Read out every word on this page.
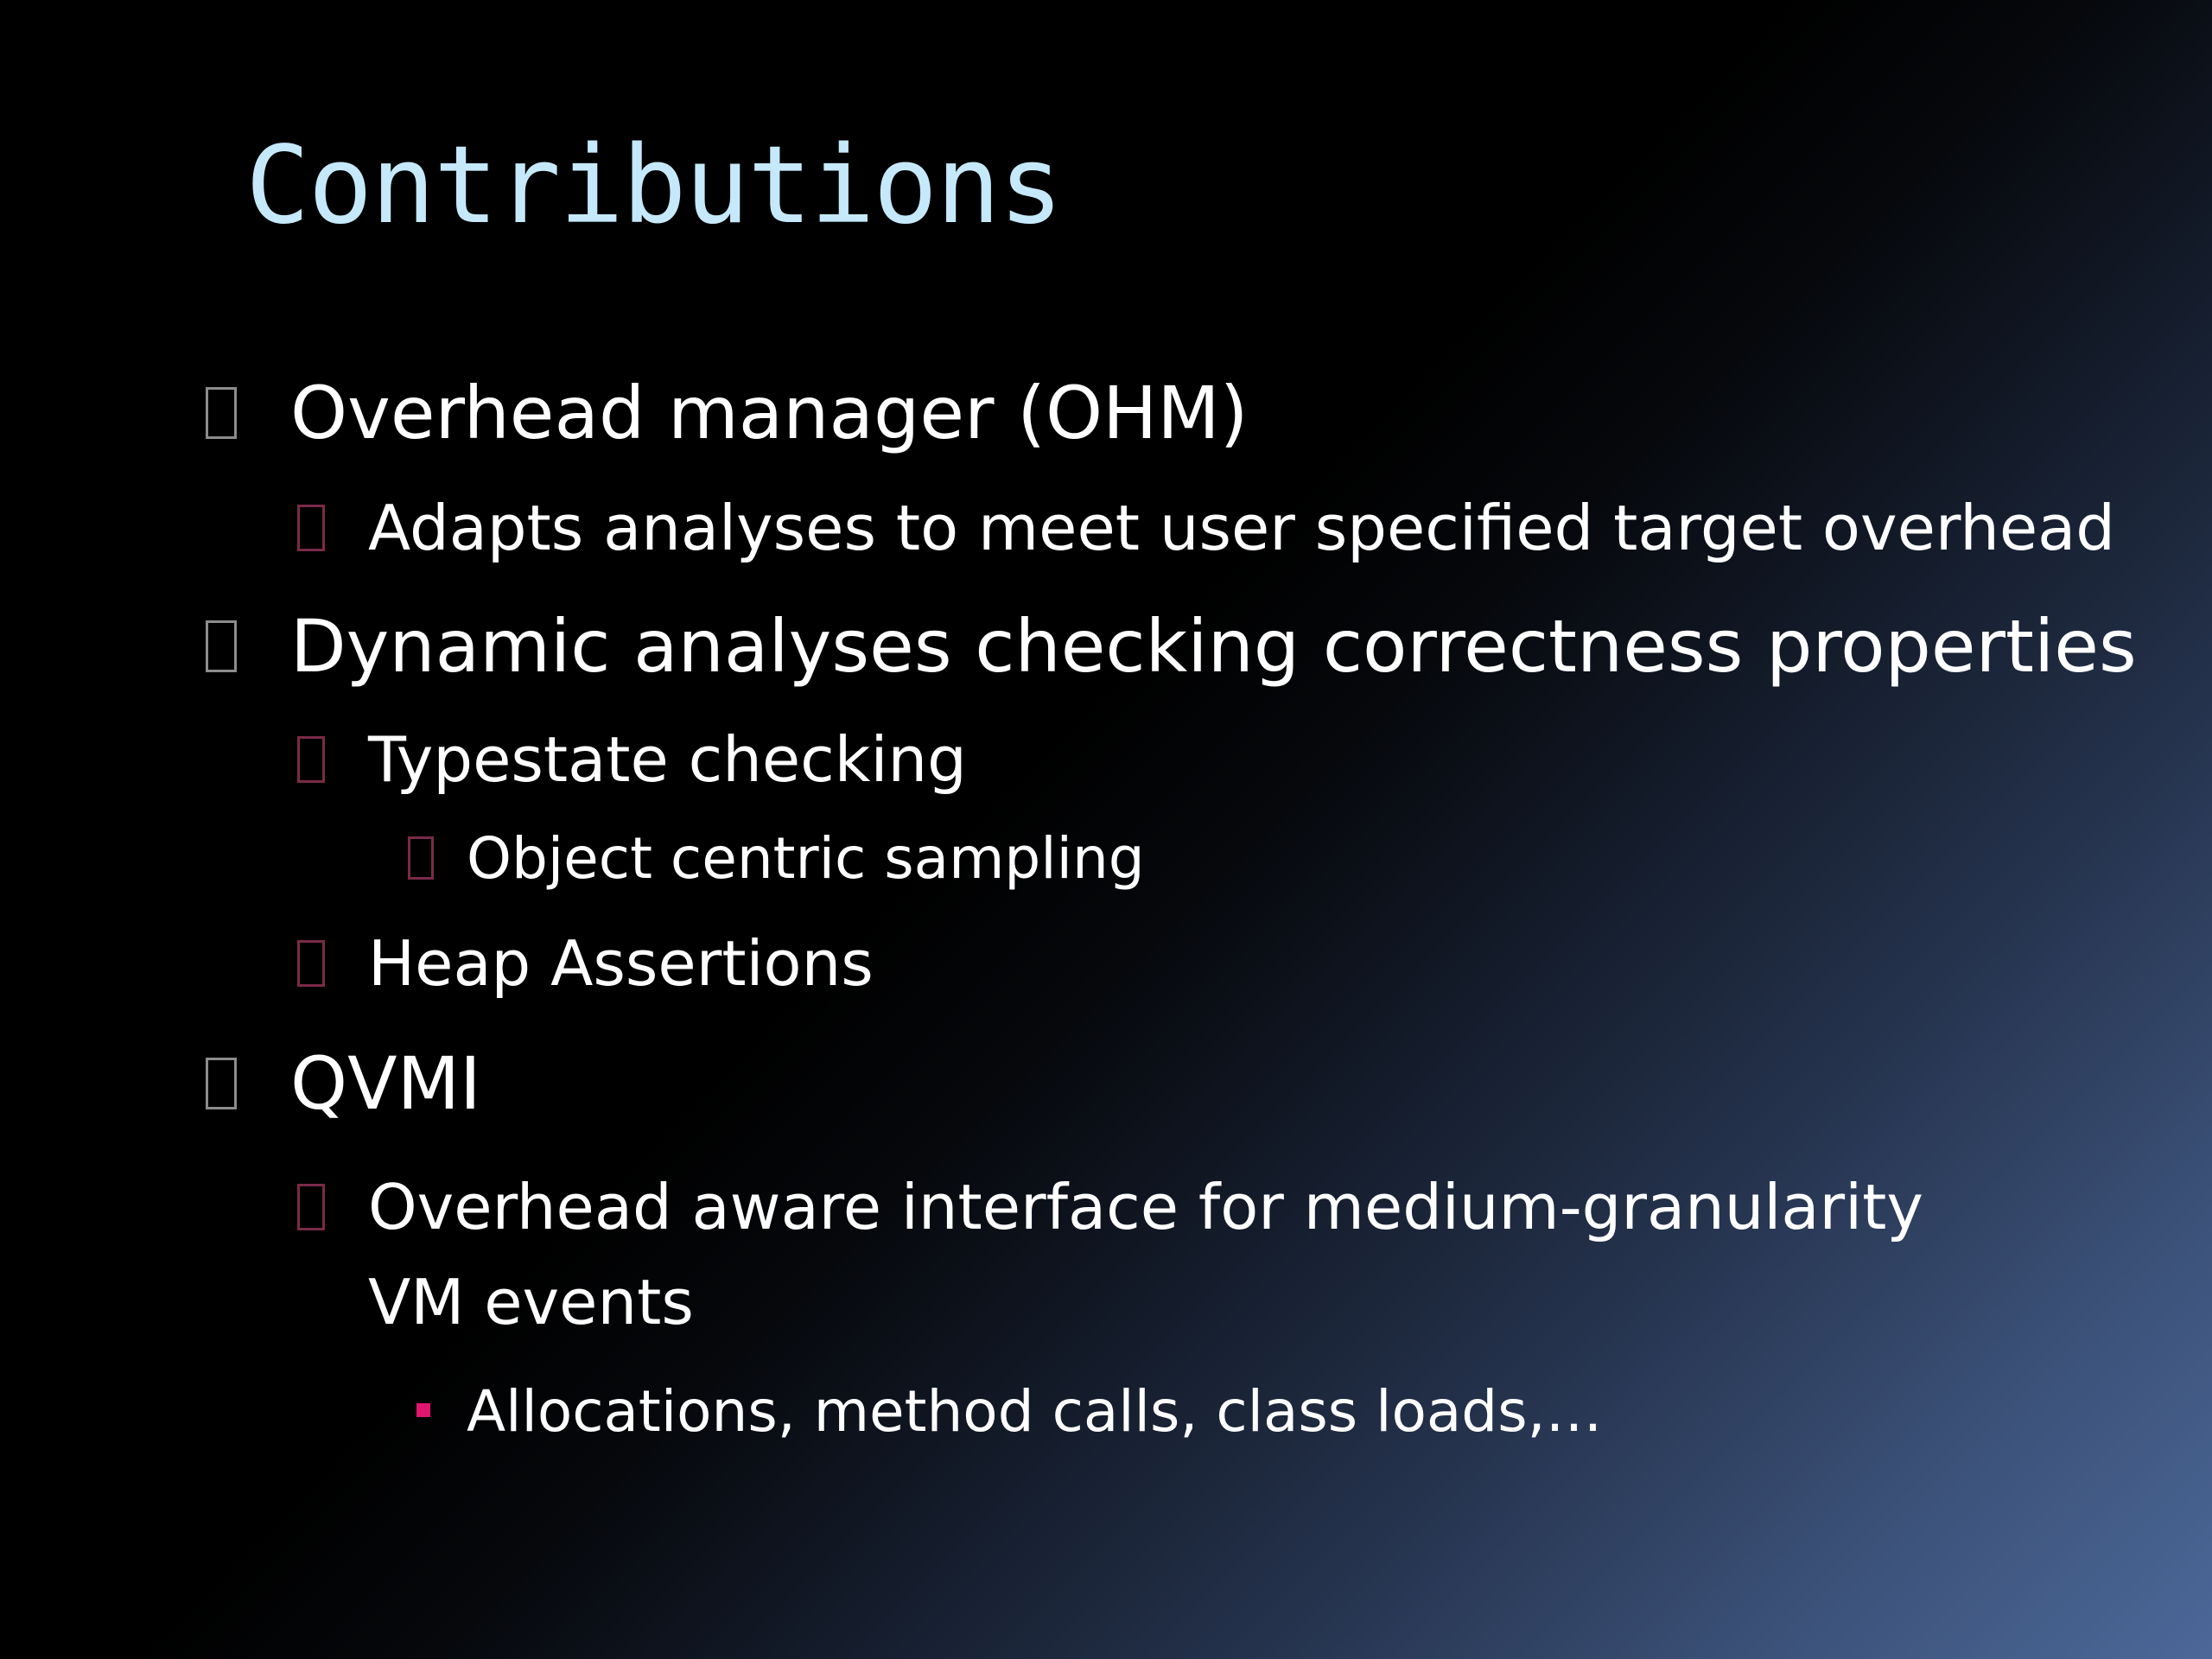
Contributions
Overhead manager (OHM)
Adapts analyses to meet user specified target overhead
Dynamic analyses checking correctness properties
Typestate checking
Object centric sampling
Heap Assertions
QVMI
Overhead aware interface for medium-granularity
VM events
Allocations, method calls, class loads,…
